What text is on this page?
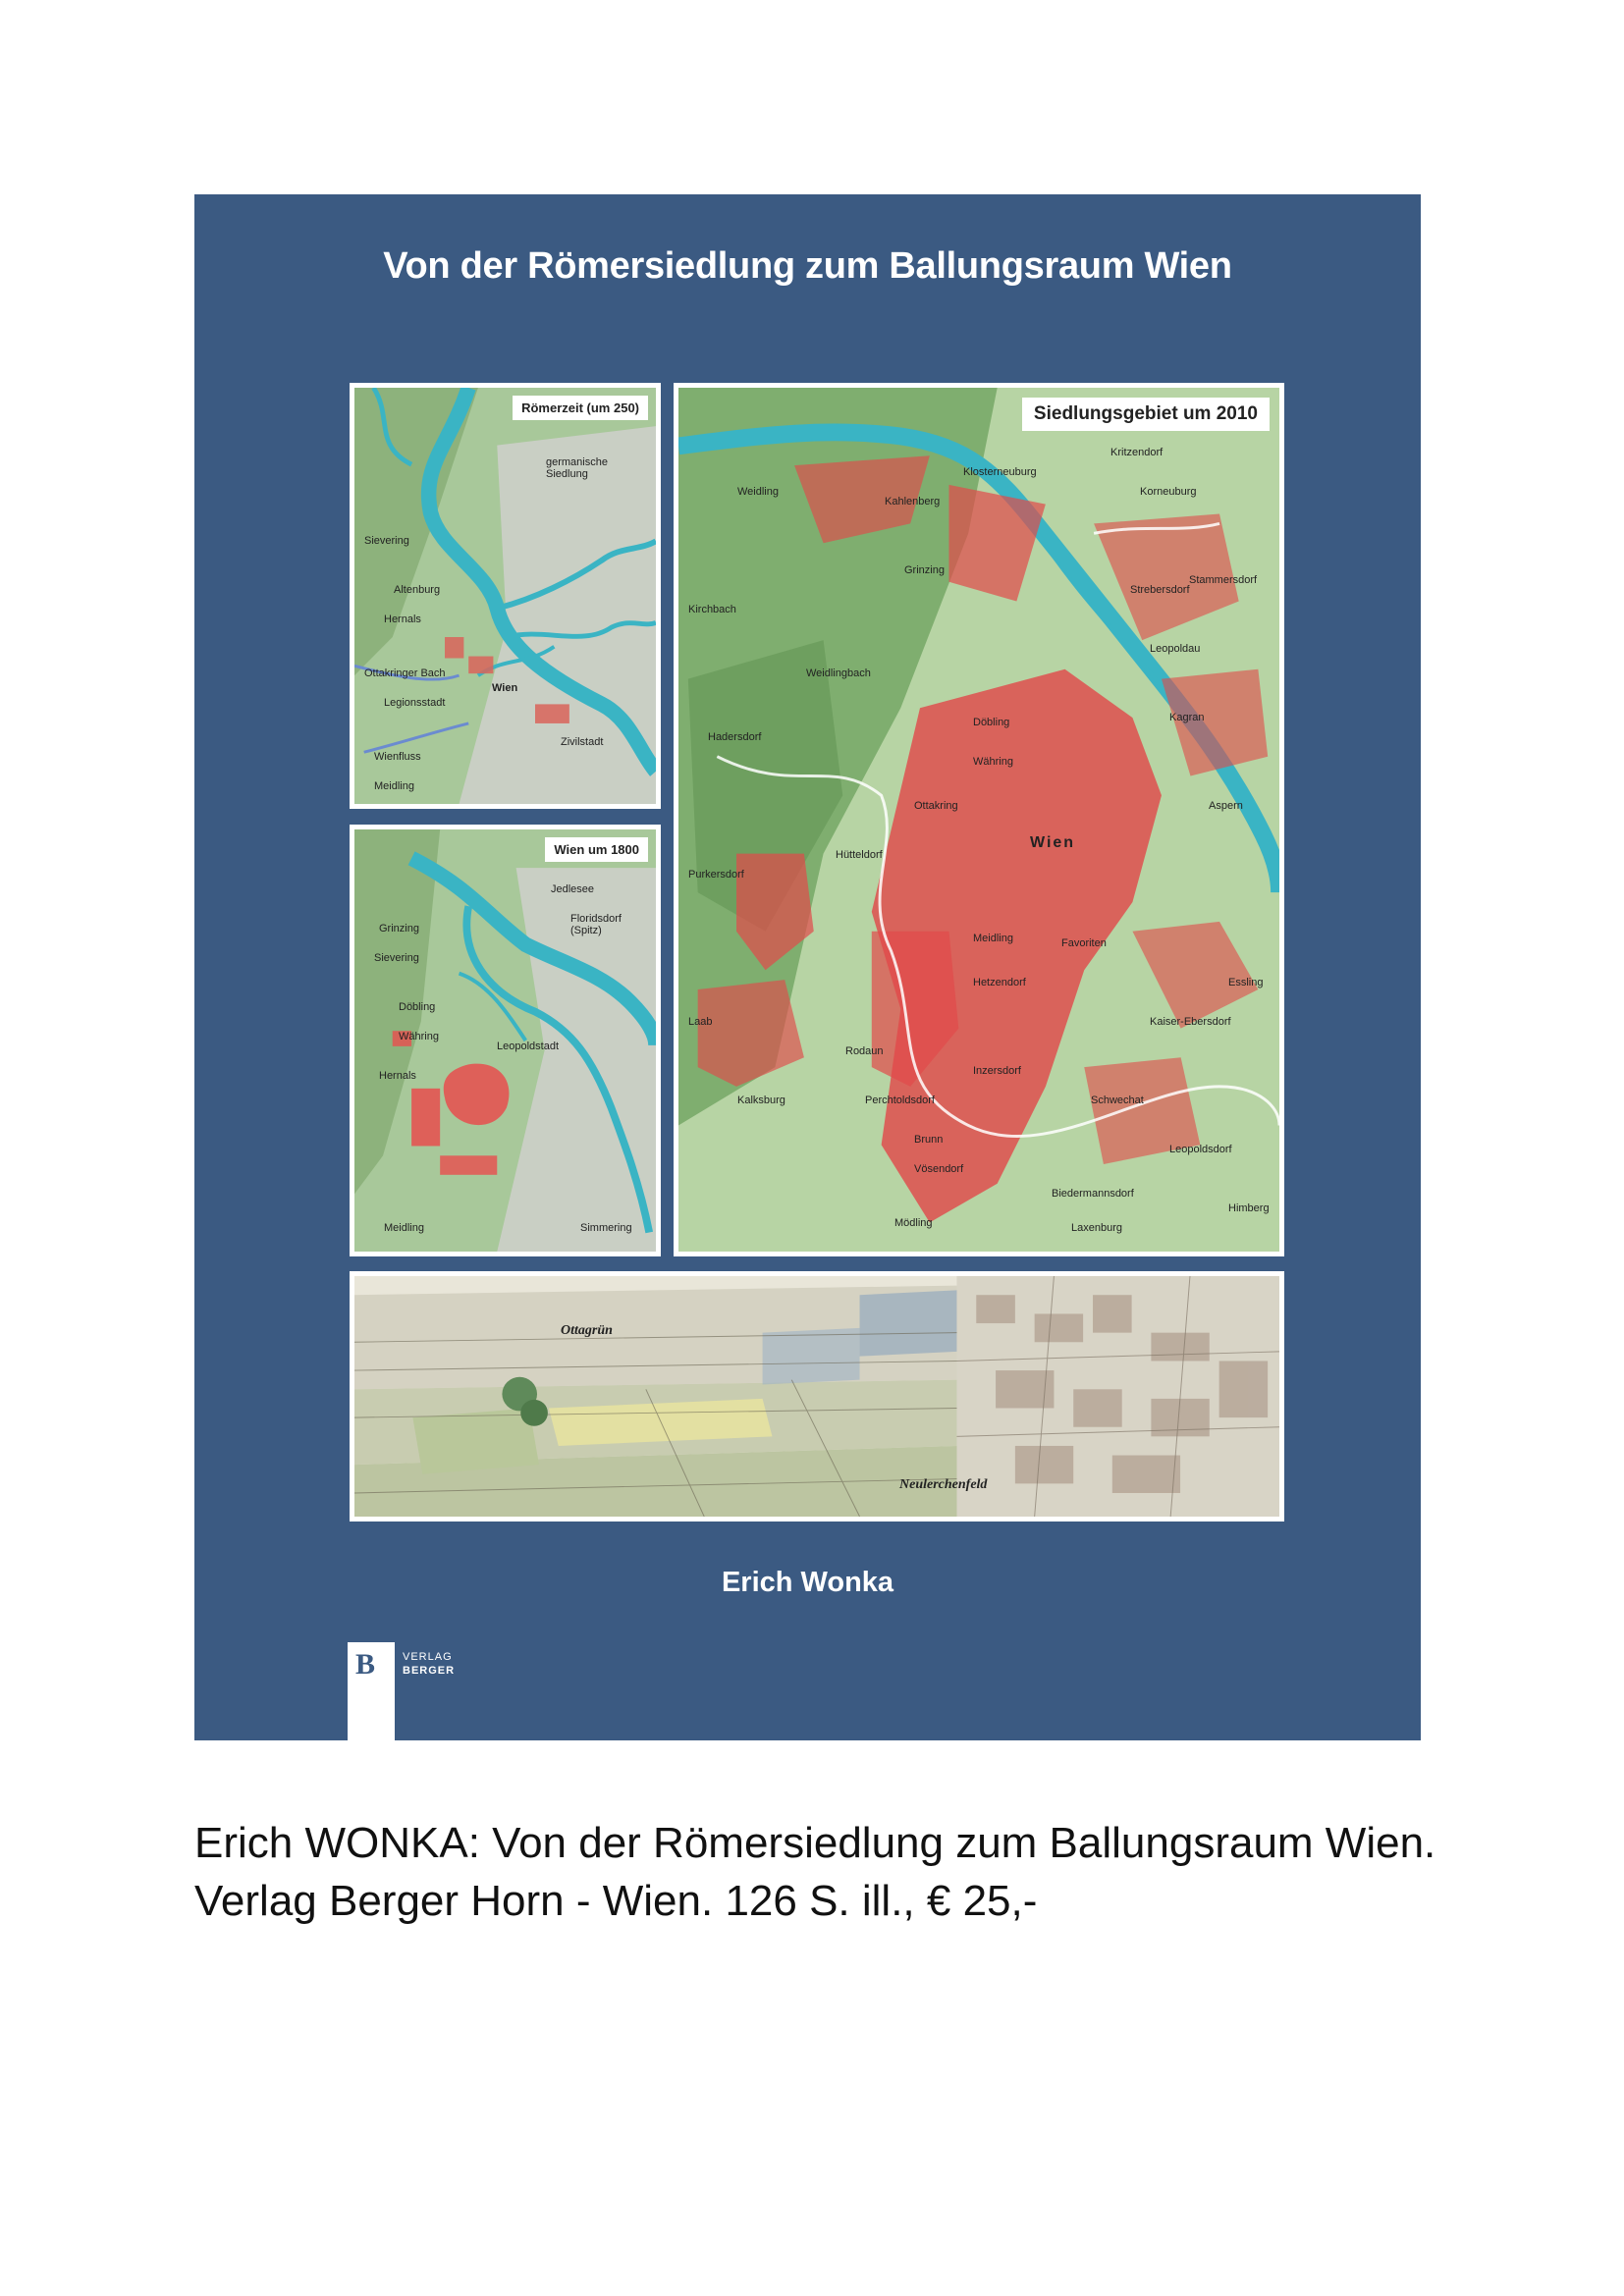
Von der Römersiedlung zum Ballungsraum Wien
Römerzeit (um 250)
germanische Siedlung
Sievering
Altenburg
Hernals
Ottakringer Bach
Legionsstadt
Wien
Meidling
Wienfluss
Zivilstadt
Wien um 1800
Jedlesee
Floridsdorf (Spitz)
Grinzing
Sievering
Döbling
Währing
Hernals
Leopoldstadt
Meidling	Simmering
Siedlungsgebiet um 2010
Wien
Klosterneuburg
Kahlenberg
Kritzendorf
Weidling	Korneuburg
Stammersdorf
Kirchbach
Grinzing
Strebersdorf
Weidlingbach
Döbling
Leopoldau
Hadersdorf
Währing
Kagran
Ottakring
Purkersdorf
Hütteldorf
Aspern
Meidling	Favoriten
Essling
Laab
Hetzendorf
Kaiser-Ebersdorf
Kalksburg
Rodaun
Perchtoldsdorf
Inzersdorf
Schwechat
Brunn
Vösendorf
Leopoldsdorf
Mödling
Biedermannsdorf
Himberg
Laxenburg
Ottagrün
Neulerchenfeld
Erich Wonka
B	VERLAG
BERGER
Erich WONKA: Von der Römersiedlung zum Ballungsraum Wien. Verlag Berger Horn - Wien. 126 S. ill., € 25,-
